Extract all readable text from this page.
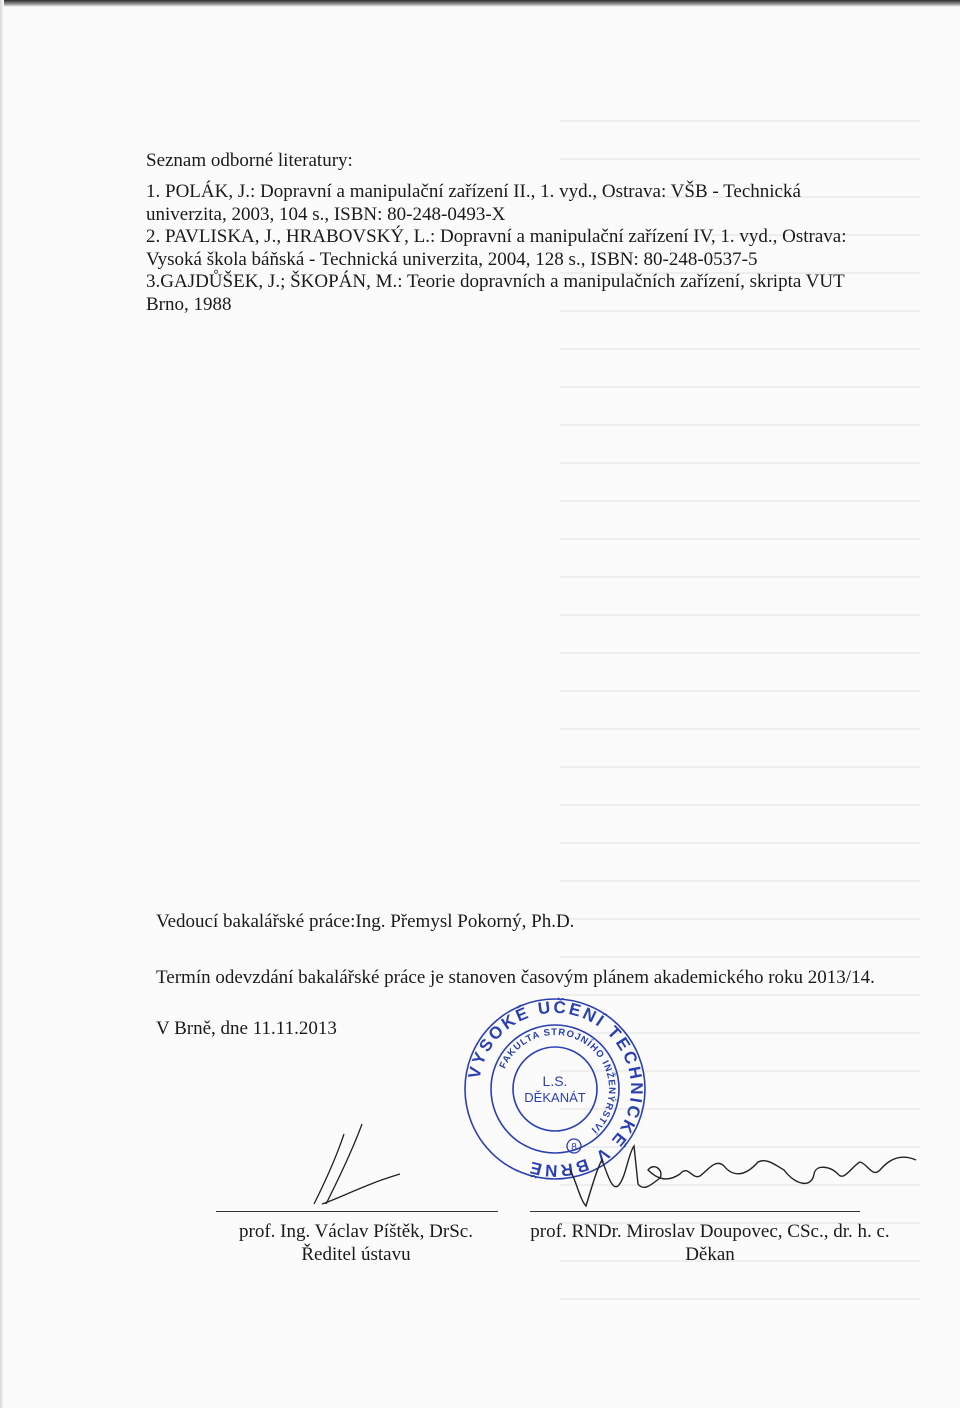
Seznam odborné literatury:

1. POLÁK, J.: Dopravní a manipulační zařízení II., 1. vyd., Ostrava: VŠB - Technická

univerzita, 2003, 104 s., ISBN: 80-248-0493-X

2. PAVLISKA, J., HRABOVSKÝ, L.: Dopravní a manipulační zařízení IV, 1. vyd., Ostrava:

Vysoká škola báňská - Technická univerzita, 2004, 128 s., ISBN: 80-248-0537-5

3.GAJDŮŠEK, J.; ŠKOPÁN, M.: Teorie dopravních a manipulačních zařízení, skripta VUT

Brno, 1988

Vedoucí bakalářské práce:Ing. Přemysl Pokorný, Ph.D.
Termín odevzdání bakalářské práce je stanoven časovým plánem akademického roku 2013/14.
V Brně, dne 11.11.2013
VYSOKÉ UČENÍ TECHNICKÉ V BRNĚ
FAKULTA STROJNÍHO INŽENÝRSTVÍ
L.S.
DĚKANÁT
8
prof. Ing. Václav Píštěk, DrSc.
Ředitel ústavu
prof. RNDr. Miroslav Doupovec, CSc., dr. h. c.
Děkan
